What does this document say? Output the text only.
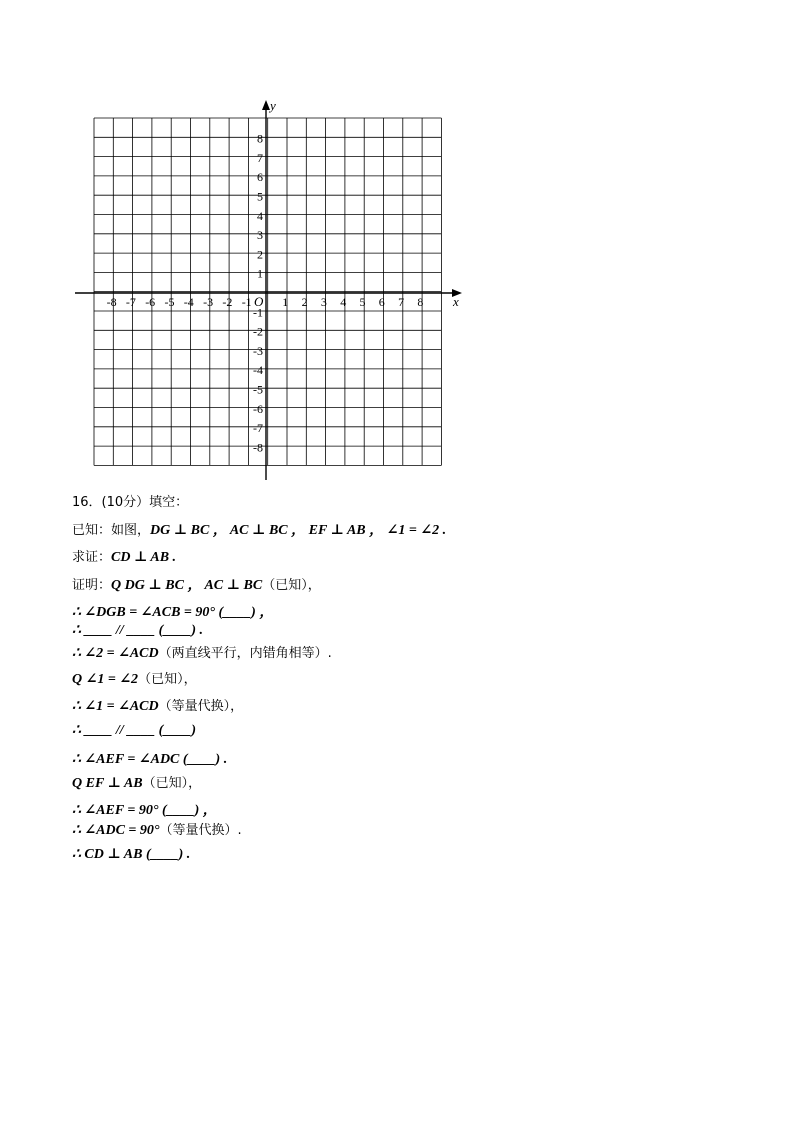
x
y
O
-8 -7 -6 -5 -4 -3 -2 -1	1 2 3 4 5 6 7 8
8
7
6
5
4
3
2
1
-1
-2
-3
-4
-5
-6
-7
-8
16．(10分）填空：
已知：如图，DG ⊥ BC ， AC ⊥ BC ， EF ⊥ AB ， ∠1 = ∠2 .
求证：CD ⊥ AB .
证明：Q DG ⊥ BC ， AC ⊥ BC（已知），
∴ ∠DGB = ∠ACB = 90° (____) ，
∴ ____ // ____ (____) .
∴ ∠2 = ∠ACD（两直线平行，内错角相等）.
Q ∠1 = ∠2（已知），
∴ ∠1 = ∠ACD（等量代换），
∴ ____ // ____ (____)
∴ ∠AEF = ∠ADC (____) .
Q EF ⊥ AB（已知），
∴ ∠AEF = 90° (____) ，
∴ ∠ADC = 90°（等量代换）.
∴ CD ⊥ AB (____) .
